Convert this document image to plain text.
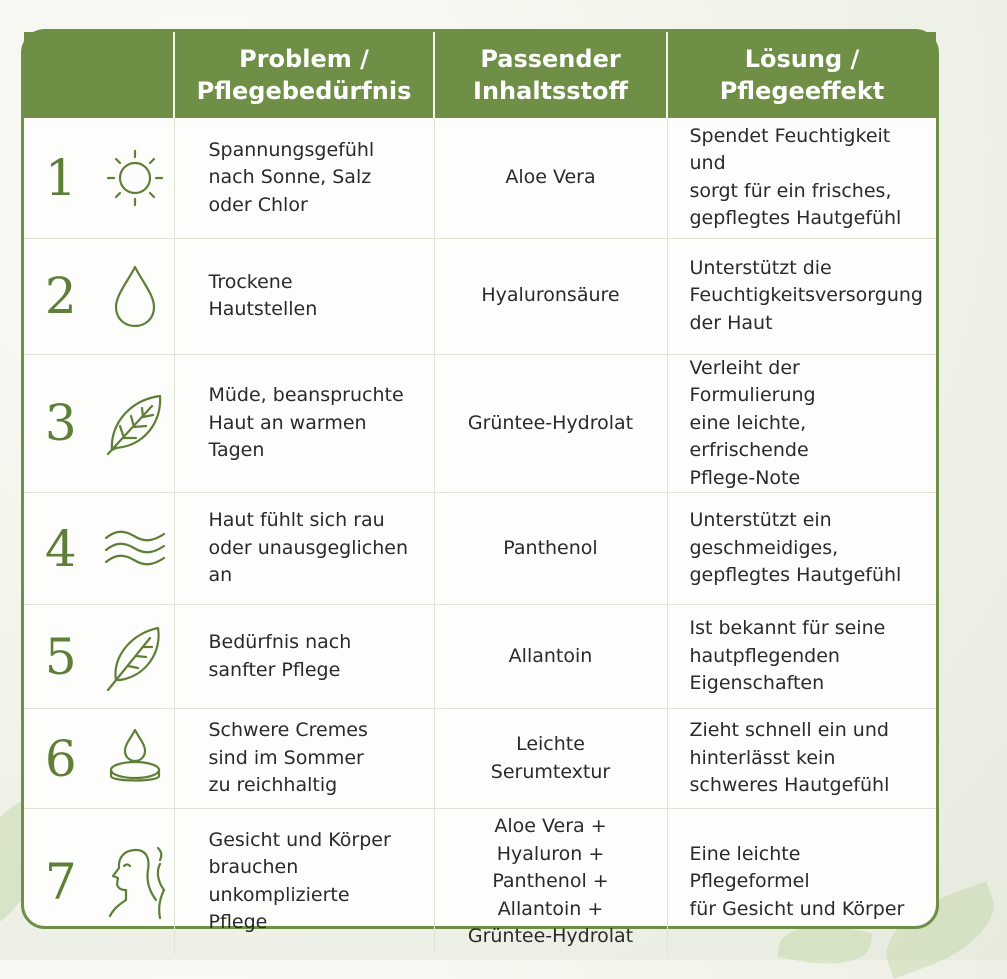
	Problem /
Pflegebedürfnis	Passender
Inhaltsstoff	Lösung /
Pflegeeffekt

1	Spannungsgefühl
nach Sonne, Salz
oder Chlor	Aloe Vera	Spendet Feuchtigkeit und
sorgt für ein frisches,
gepflegtes Hautgefühl

2	Trockene
Hautstellen	Hyaluronsäure	Unterstützt die
Feuchtigkeitsversorgung
der Haut

3	Müde, beanspruchte
Haut an warmen
Tagen	Grüntee-Hydrolat	Verleiht der Formulierung
eine leichte, erfrischende
Pflege-Note

4	Haut fühlt sich rau
oder unausgeglichen
an	Panthenol	Unterstützt ein
geschmeidiges,
gepflegtes Hautgefühl

5	Bedürfnis nach
sanfter Pflege	Allantoin	Ist bekannt für seine
hautpflegenden
Eigenschaften

6	Schwere Cremes
sind im Sommer
zu reichhaltig	Leichte
Serumtextur	Zieht schnell ein und
hinterlässt kein
schweres Hautgefühl

7	Gesicht und Körper
brauchen
unkomplizierte
Pflege	Aloe Vera +
Hyaluron +
Panthenol +
Allantoin +
Grüntee-Hydrolat	Eine leichte Pflegeformel
für Gesicht und Körper
